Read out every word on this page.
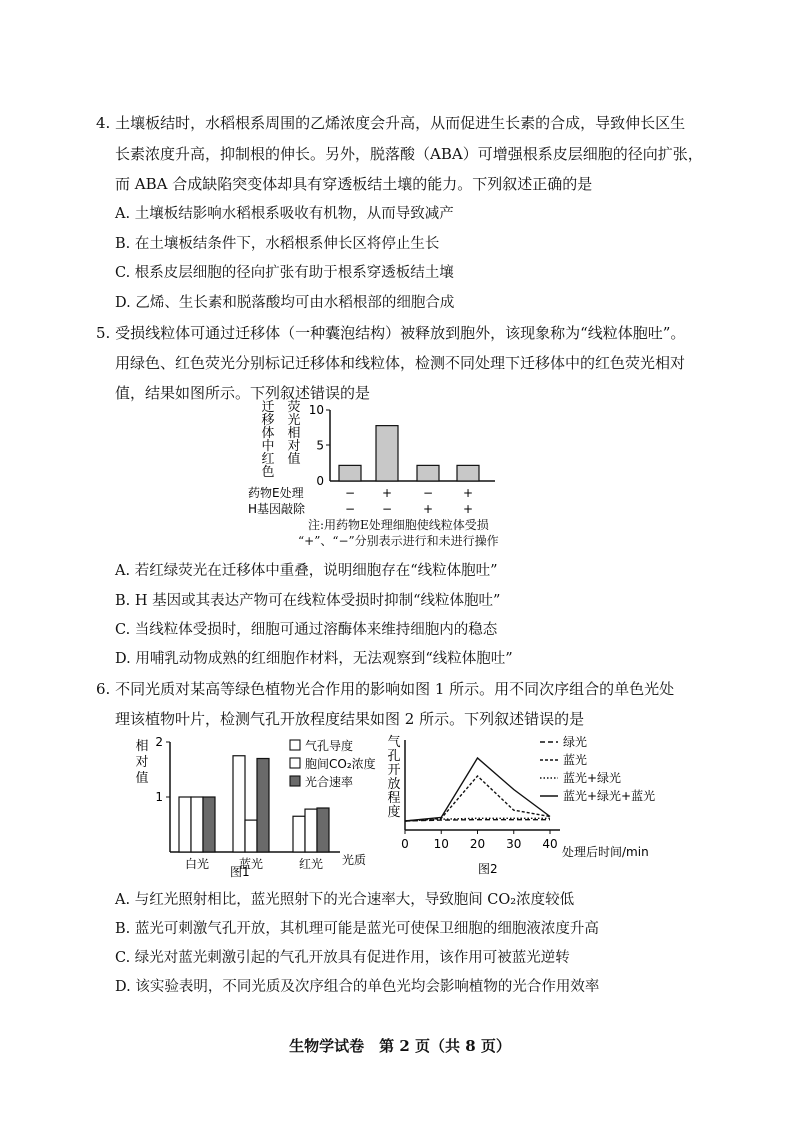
4. 土壤板结时，水稻根系周围的乙烯浓度会升高，从而促进生长素的合成，导致伸长区生
长素浓度升高，抑制根的伸长。另外，脱落酸（ABA）可增强根系皮层细胞的径向扩张，
而 ABA 合成缺陷突变体却具有穿透板结土壤的能力。下列叙述正确的是
A. 土壤板结影响水稻根系吸收有机物，从而导致减产
B. 在土壤板结条件下，水稻根系伸长区将停止生长
C. 根系皮层细胞的径向扩张有助于根系穿透板结土壤
D. 乙烯、生长素和脱落酸均可由水稻根部的细胞合成
5. 受损线粒体可通过迁移体（一种囊泡结构）被释放到胞外，该现象称为“线粒体胞吐”。
用绿色、红色荧光分别标记迁移体和线粒体，检测不同处理下迁移体中的红色荧光相对
值，结果如图所示。下列叙述错误的是
10
5
0
药物E处理
H基因敲除
−
−
+
−
−
+
+
+
迁
移
体
中
红
色
荧
光
相
对
值
注:用药物E处理细胞使线粒体受损
“+”、“−”分别表示进行和未进行操作
A. 若红绿荧光在迁移体中重叠，说明细胞存在“线粒体胞吐”
B. H 基因或其表达产物可在线粒体受损时抑制“线粒体胞吐”
C. 当线粒体受损时，细胞可通过溶酶体来维持细胞内的稳态
D. 用哺乳动物成熟的红细胞作材料，无法观察到“线粒体胞吐”
6. 不同光质对某高等绿色植物光合作用的影响如图 1 所示。用不同次序组合的单色光处
理该植物叶片，检测气孔开放程度结果如图 2 所示。下列叙述错误的是
相
对
值
2
1
气孔导度
胞间CO₂浓度
光合速率
白光 蓝光	红光 光质
图1
气
孔
开
放
程
度
0 10 20 30 40
绿光
蓝光
蓝光+绿光
蓝光+绿光+蓝光
处理后时间/min
图2
A. 与红光照射相比，蓝光照射下的光合速率大，导致胞间 CO₂浓度较低
B. 蓝光可刺激气孔开放，其机理可能是蓝光可使保卫细胞的细胞液浓度升高
C. 绿光对蓝光刺激引起的气孔开放具有促进作用，该作用可被蓝光逆转
D. 该实验表明，不同光质及次序组合的单色光均会影响植物的光合作用效率
生物学试卷　第 2 页（共 8 页）
